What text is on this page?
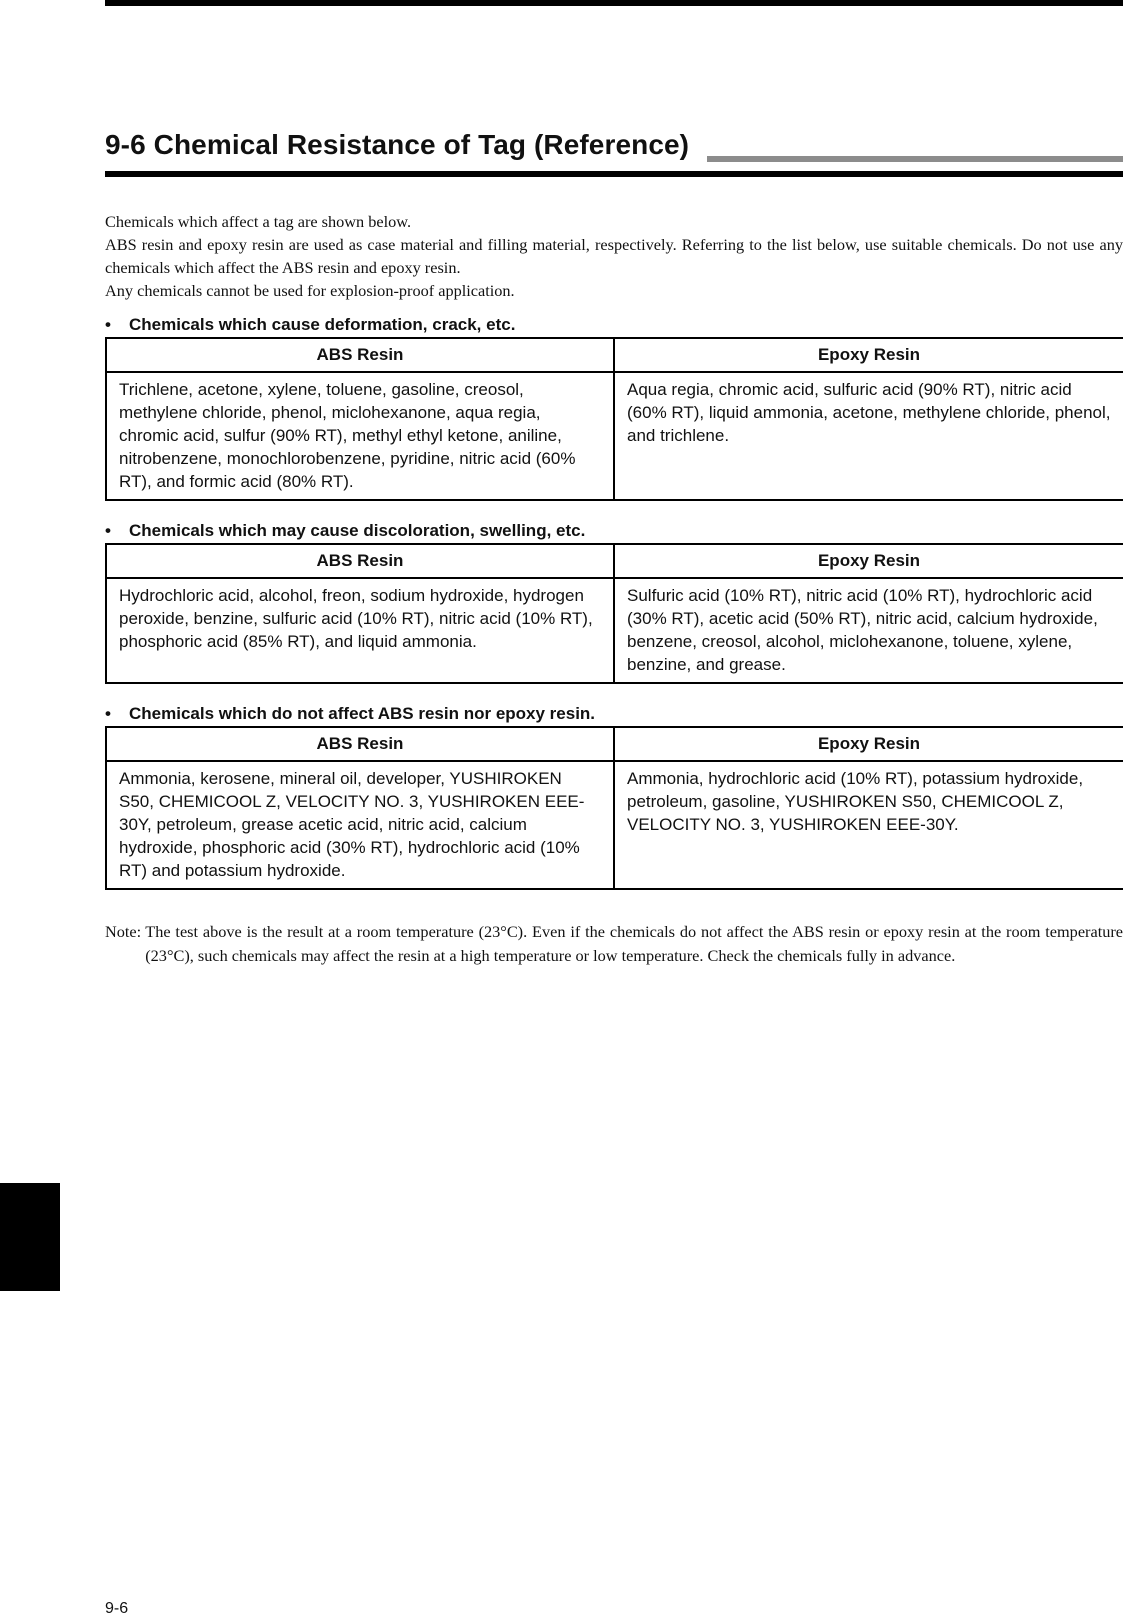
9-6 Chemical Resistance of Tag (Reference)

Chemicals which affect a tag are shown below.

ABS resin and epoxy resin are used as case material and filling material, respectively. Referring to the list below, use suitable chemicals. Do not use any chemicals which affect the ABS resin and epoxy resin.

Any chemicals cannot be used for explosion-proof application.

• Chemicals which cause deformation, crack, etc.
ABS Resin	Epoxy Resin
Trichlene, acetone, xylene, toluene, gasoline, creosol, methylene chloride, phenol, miclohexanone, aqua regia, chromic acid, sulfur (90% RT), methyl ethyl ketone, aniline, nitrobenzene, monochlorobenzene, pyridine, nitric acid (60% RT), and formic acid (80% RT).	Aqua regia, chromic acid, sulfuric acid (90% RT), nitric acid (60% RT), liquid ammonia, acetone, methylene chloride, phenol, and trichlene.
• Chemicals which may cause discoloration, swelling, etc.
ABS Resin	Epoxy Resin
Hydrochloric acid, alcohol, freon, sodium hydroxide, hydrogen peroxide, benzine, sulfuric acid (10% RT), nitric acid (10% RT), phosphoric acid (85% RT), and liquid ammonia.	Sulfuric acid (10% RT), nitric acid (10% RT), hydrochloric acid (30% RT), acetic acid (50% RT), nitric acid, calcium hydroxide, benzene, creosol, alcohol, miclohexanone, toluene, xylene, benzine, and grease.
• Chemicals which do not affect ABS resin nor epoxy resin.
ABS Resin	Epoxy Resin
Ammonia, kerosene, mineral oil, developer, YUSHIROKEN S50, CHEMICOOL Z, VELOCITY NO. 3, YUSHIROKEN EEE-30Y, petroleum, grease acetic acid, nitric acid, calcium hydroxide, phosphoric acid (30% RT), hydrochloric acid (10% RT) and potassium hydroxide.	Ammonia, hydrochloric acid (10% RT), potassium hydroxide, petroleum, gasoline, YUSHIROKEN S50, CHEMICOOL Z, VELOCITY NO. 3, YUSHIROKEN EEE-30Y.
Note: The test above is the result at a room temperature (23°C). Even if the chemicals do not affect the ABS resin or epoxy resin at the room temperature (23°C), such chemicals may affect the resin at a high temperature or low temperature. Check the chemicals fully in advance.

9-6
